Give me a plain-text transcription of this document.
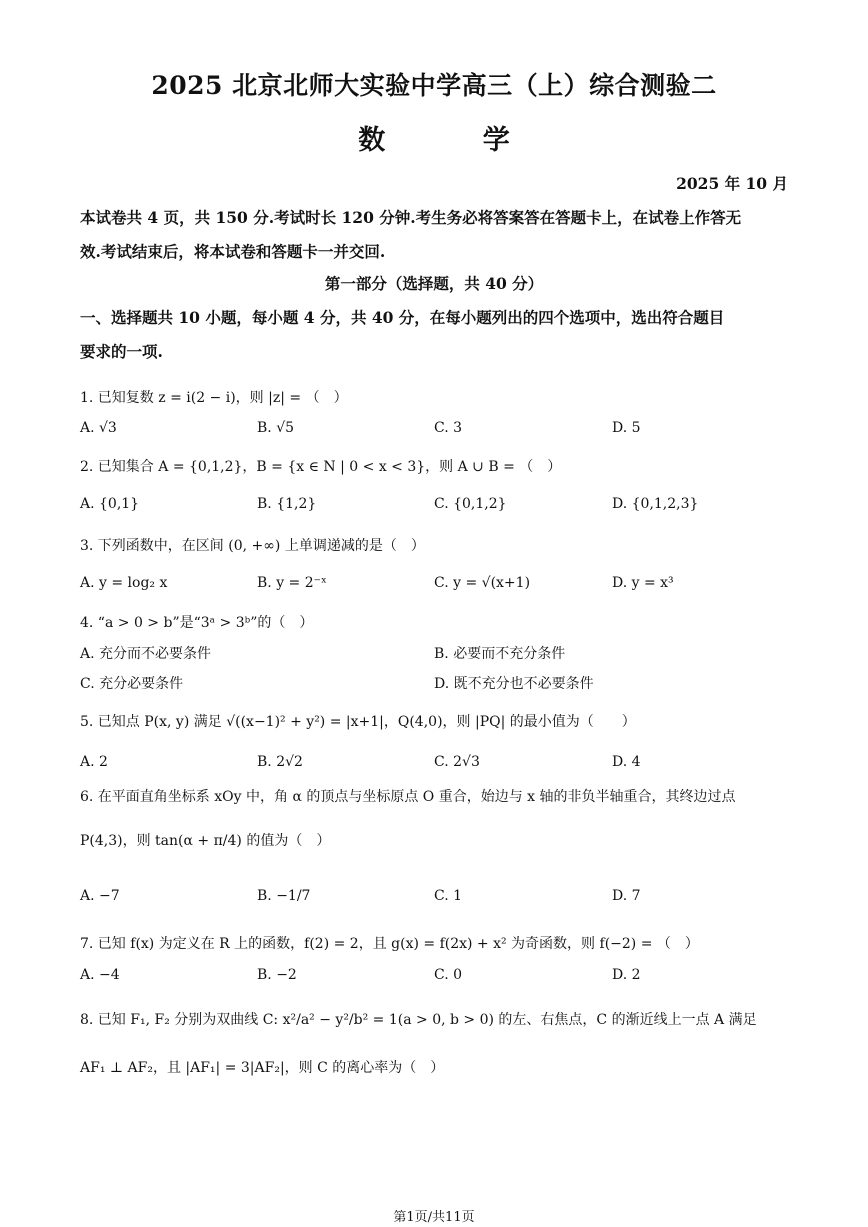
2025 北京北师大实验中学高三（上）综合测验二
数 学
2025 年 10 月
本试卷共 4 页，共 150 分.考试时长 120 分钟.考生务必将答案答在答题卡上，在试卷上作答无
效.考试结束后，将本试卷和答题卡一并交回.
第一部分（选择题，共 40 分）
一、选择题共 10 小题，每小题 4 分，共 40 分，在每小题列出的四个选项中，选出符合题目
要求的一项.
1. 已知复数 z = i(2 − i)，则 |z| = （　）
A. √3	B. √5	C. 3	D. 5
2. 已知集合 A = {0,1,2}，B = {x ∈ N | 0 < x < 3}，则 A ∪ B = （　）
A. {0,1}	B. {1,2}	C. {0,1,2}	D. {0,1,2,3}
3. 下列函数中，在区间 (0, +∞) 上单调递减的是（　）
A. y = log₂ x	B. y = 2⁻ˣ	C. y = √(x+1)	D. y = x³
4. “a > 0 > b”是“3ᵃ > 3ᵇ”的（　）
A. 充分而不必要条件	B. 必要而不充分条件
C. 充分必要条件	D. 既不充分也不必要条件
5. 已知点 P(x, y) 满足 √((x−1)² + y²) = |x+1|，Q(4,0)，则 |PQ| 的最小值为（　　）
A. 2	B. 2√2	C. 2√3	D. 4
6. 在平面直角坐标系 xOy 中，角 α 的顶点与坐标原点 O 重合，始边与 x 轴的非负半轴重合，其终边过点
P(4,3)，则 tan(α + π/4) 的值为（　）
A. −7	B. −1/7	C. 1	D. 7
7. 已知 f(x) 为定义在 R 上的函数，f(2) = 2，且 g(x) = f(2x) + x² 为奇函数，则 f(−2) = （　）
A. −4	B. −2	C. 0	D. 2
8. 已知 F₁, F₂ 分别为双曲线 C: x²/a² − y²/b² = 1(a > 0, b > 0) 的左、右焦点，C 的渐近线上一点 A 满足
AF₁ ⊥ AF₂，且 |AF₁| = 3|AF₂|，则 C 的离心率为（　）
第1页/共11页
